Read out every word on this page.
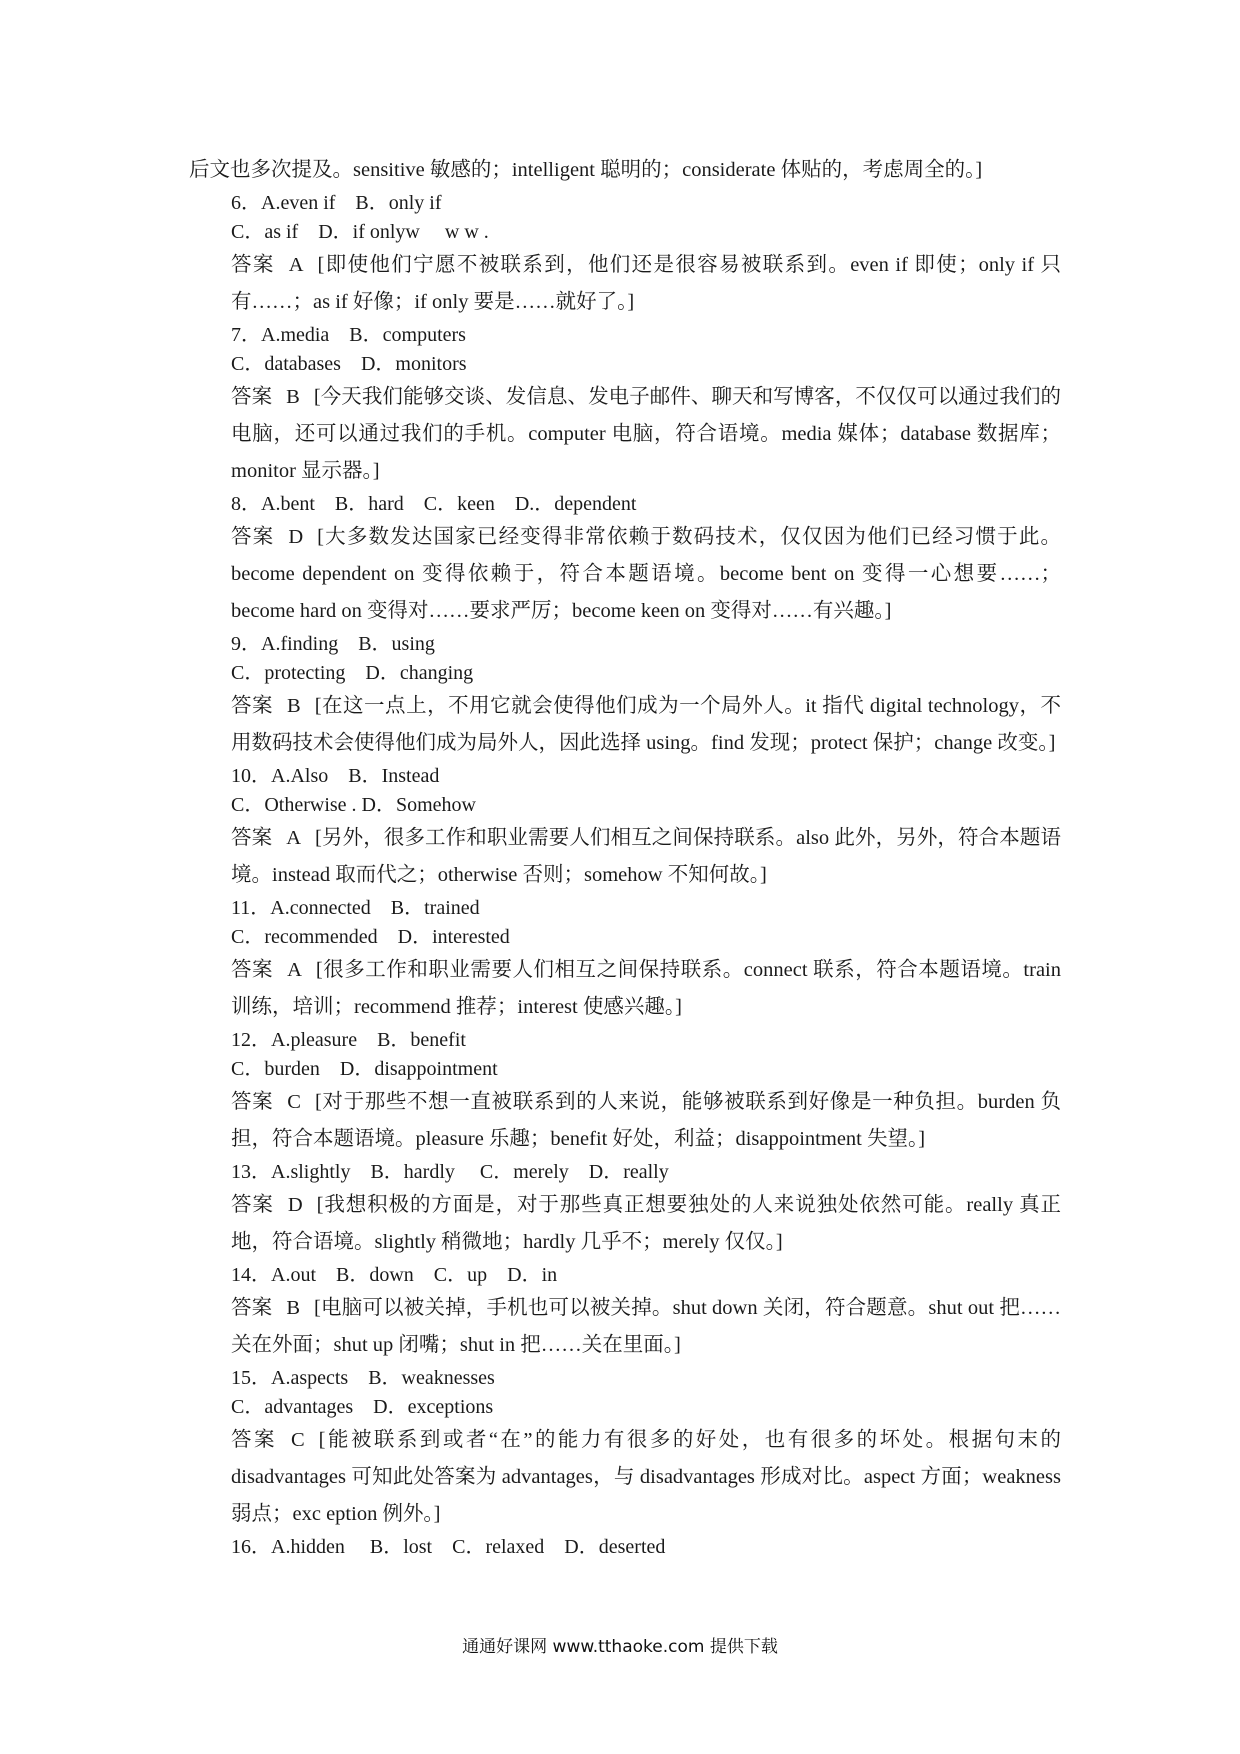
后文也多次提及。sensitive 敏感的；intelligent 聪明的；considerate 体贴的，考虑周全的。]
6．A.even if　B．only if
C．as if　D．if onlyw　 w w .
答案 A [即使他们宁愿不被联系到，他们还是很容易被联系到。even if 即使；only if 只有……；as if 好像；if only 要是……就好了。]
7．A.media　B．computers
C．databases　D．monitors
答案 B [今天我们能够交谈、发信息、发电子邮件、聊天和写博客，不仅仅可以通过我们的电脑，还可以通过我们的手机。computer 电脑，符合语境。media 媒体；database 数据库；monitor 显示器。]
8．A.bent　B．hard　C．keen　D.．dependent
答案 D [大多数发达国家已经变得非常依赖于数码技术，仅仅因为他们已经习惯于此。become dependent on 变得依赖于，符合本题语境。become bent on 变得一心想要……；become hard on 变得对……要求严厉；become keen on 变得对……有兴趣。]
9．A.finding　B．using
C．protecting　D．changing
答案 B [在这一点上，不用它就会使得他们成为一个局外人。it 指代 digital technology，不用数码技术会使得他们成为局外人，因此选择 using。find 发现；protect 保护；change 改变。]
10．A.Also　B．Instead
C．Otherwise . D．Somehow
答案 A [另外，很多工作和职业需要人们相互之间保持联系。also 此外，另外，符合本题语境。instead 取而代之；otherwise 否则；somehow 不知何故。]
11．A.connected　B．trained
C．recommended　D．interested
答案 A [很多工作和职业需要人们相互之间保持联系。connect 联系，符合本题语境。train 训练，培训；recommend 推荐；interest 使感兴趣。]
12．A.pleasure　B．benefit
C．burden　D．disappointment
答案 C [对于那些不想一直被联系到的人来说，能够被联系到好像是一种负担。burden 负担，符合本题语境。pleasure 乐趣；benefit 好处，利益；disappointment 失望。]
13．A.slightly　B．hardly　 C．merely　D．really
答案 D [我想积极的方面是，对于那些真正想要独处的人来说独处依然可能。really 真正地，符合语境。slightly 稍微地；hardly 几乎不；merely 仅仅。]
14．A.out　B．down　C．up　D．in
答案 B [电脑可以被关掉，手机也可以被关掉。shut down 关闭，符合题意。shut out 把……关在外面；shut up 闭嘴；shut in 把……关在里面。]
15．A.aspects　B．weaknesses
C．advantages　D．exceptions
答案 C [能被联系到或者“在”的能力有很多的好处，也有很多的坏处。根据句末的 disadvantages 可知此处答案为 advantages，与 disadvantages 形成对比。aspect 方面；weakness 弱点；exc eption 例外。]
16．A.hidden　 B．lost　C．relaxed　D．deserted
通通好课网 www.tthaoke.com 提供下载
